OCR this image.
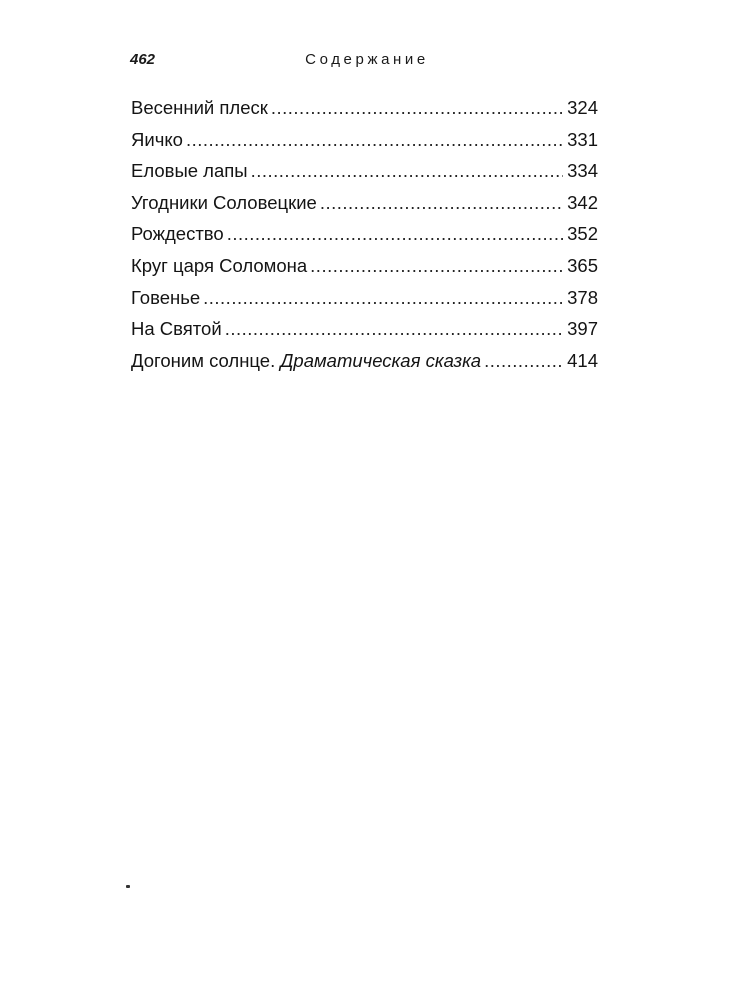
462	Содержание
Весенний плеск .....	324
Яичко .....	331
Еловые лапы .....	334
Угодники Соловецкие .....	342
Рождество .....	352
Круг царя Соломона .....	365
Говенье .....	378
На Святой .....	397
Догоним солнце. Драматическая сказка .....	414
